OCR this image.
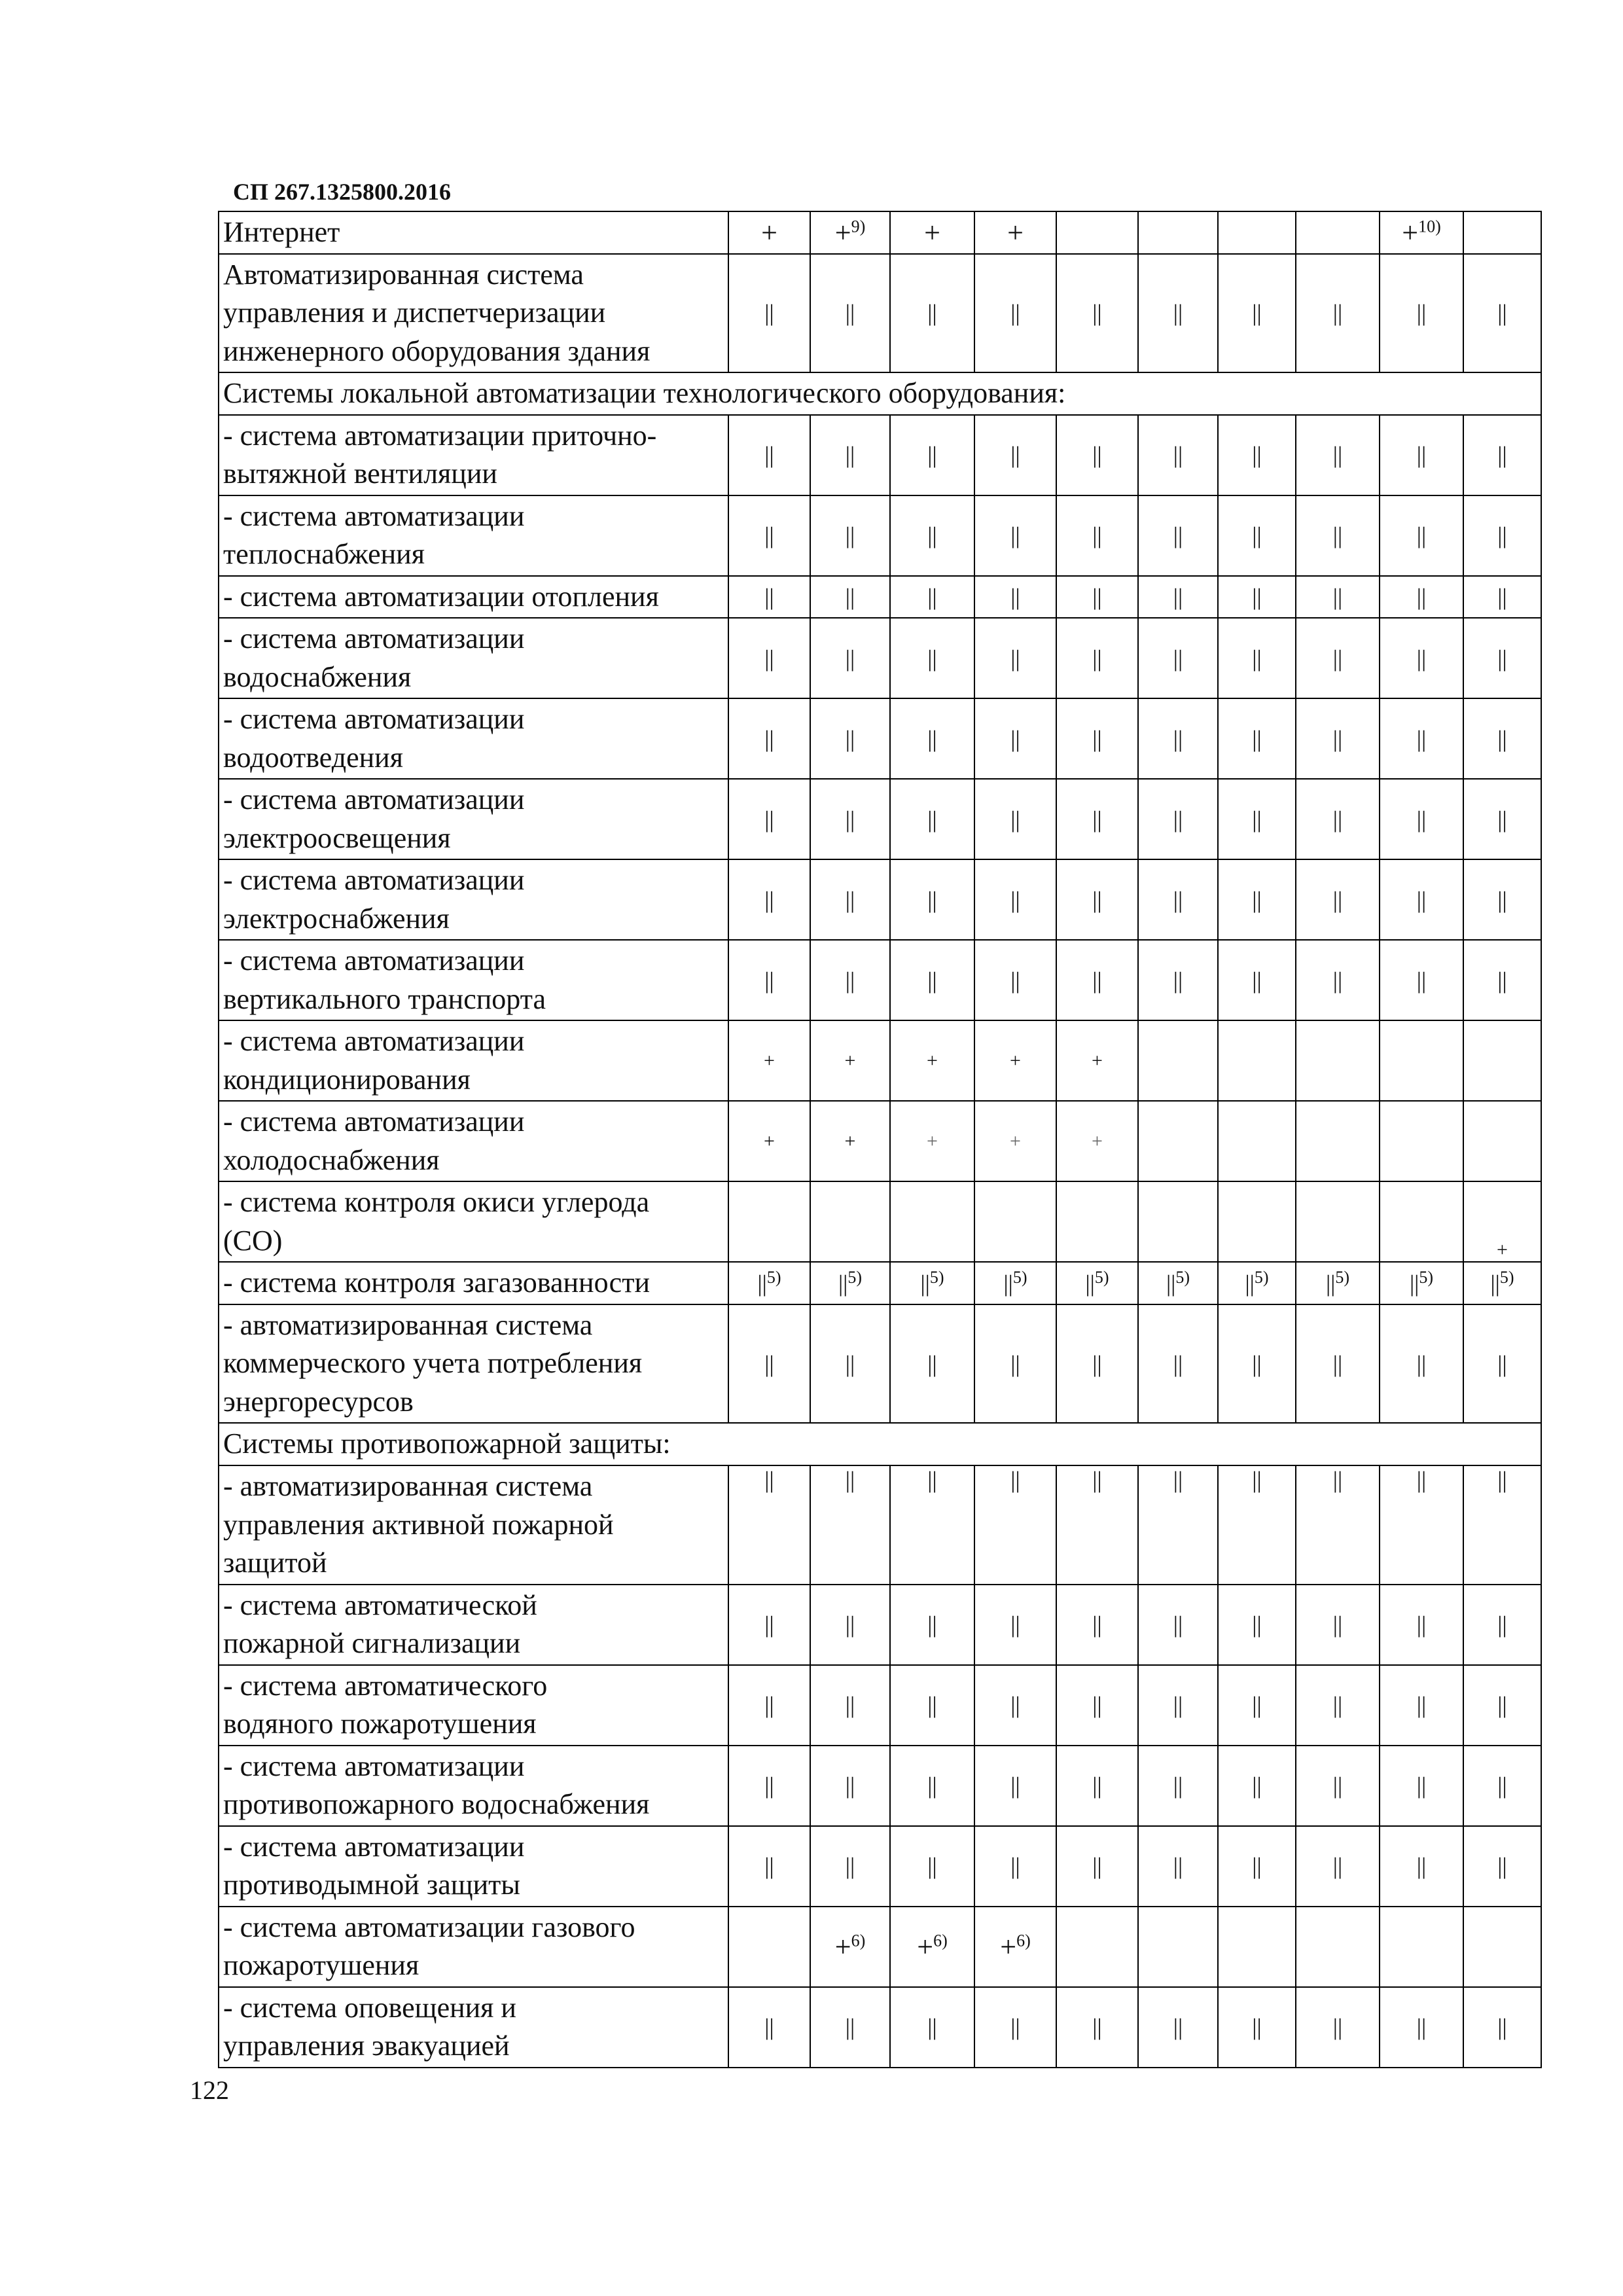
СП 267.1325800.2016
Интернет	+	+$^{9)}$	+	+					+$^{10)}$	

Автоматизированная система
управления и диспетчеризации
инженерного оборудования здания	||	||	||	||	||	||	||	||	||	||
Системы локальной автоматизации технологического оборудования:										

- система автоматизации приточно-
вытяжной вентиляции	||	||	||	||	||	||	||	||	||	||

- система автоматизации
теплоснабжения	||	||	||	||	||	||	||	||	||	||

- система автоматизации отопления	||	||	||	||	||	||	||	||	||	||

- система автоматизации
водоснабжения	||	||	||	||	||	||	||	||	||	||

- система автоматизации
водоотведения	||	||	||	||	||	||	||	||	||	||

- система автоматизации
электроосвещения	||	||	||	||	||	||	||	||	||	||

- система автоматизации
электроснабжения	||	||	||	||	||	||	||	||	||	||

- система автоматизации
вертикального транспорта	||	||	||	||	||	||	||	||	||	||

- система автоматизации
кондиционирования	+	+	+	+	+					

- система автоматизации
холодоснабжения	+	+	+	+	+					

- система контроля окиси углерода
(CO)										+

- система контроля загазованности	$||^{5)}$	$||^{5)}$	$||^{5)}$	$||^{5)}$	$||^{5)}$	$||^{5)}$	$||^{5)}$	$||^{5)}$	$||^{5)}$	$||^{5)}$

- автоматизированная система
коммерческого учета потребления
энергоресурсов	||	||	||	||	||	||	||	||	||	||
Системы противопожарной защиты:										

- автоматизированная система
управления активной пожарной
защитой	||	||	||	||	||	||	||	||	||	||

- система автоматической
пожарной сигнализации	||	||	||	||	||	||	||	||	||	||

- система автоматического
водяного пожаротушения	||	||	||	||	||	||	||	||	||	||

- система автоматизации
противопожарного водоснабжения	||	||	||	||	||	||	||	||	||	||

- система автоматизации
противодымной защиты	||	||	||	||	||	||	||	||	||	||

- система автоматизации газового
пожаротушения		+$^{6)}$	+$^{6)}$	+$^{6)}$						

- система оповещения и
управления эвакуацией	||	||	||	||	||	||	||	||	||	||
122
